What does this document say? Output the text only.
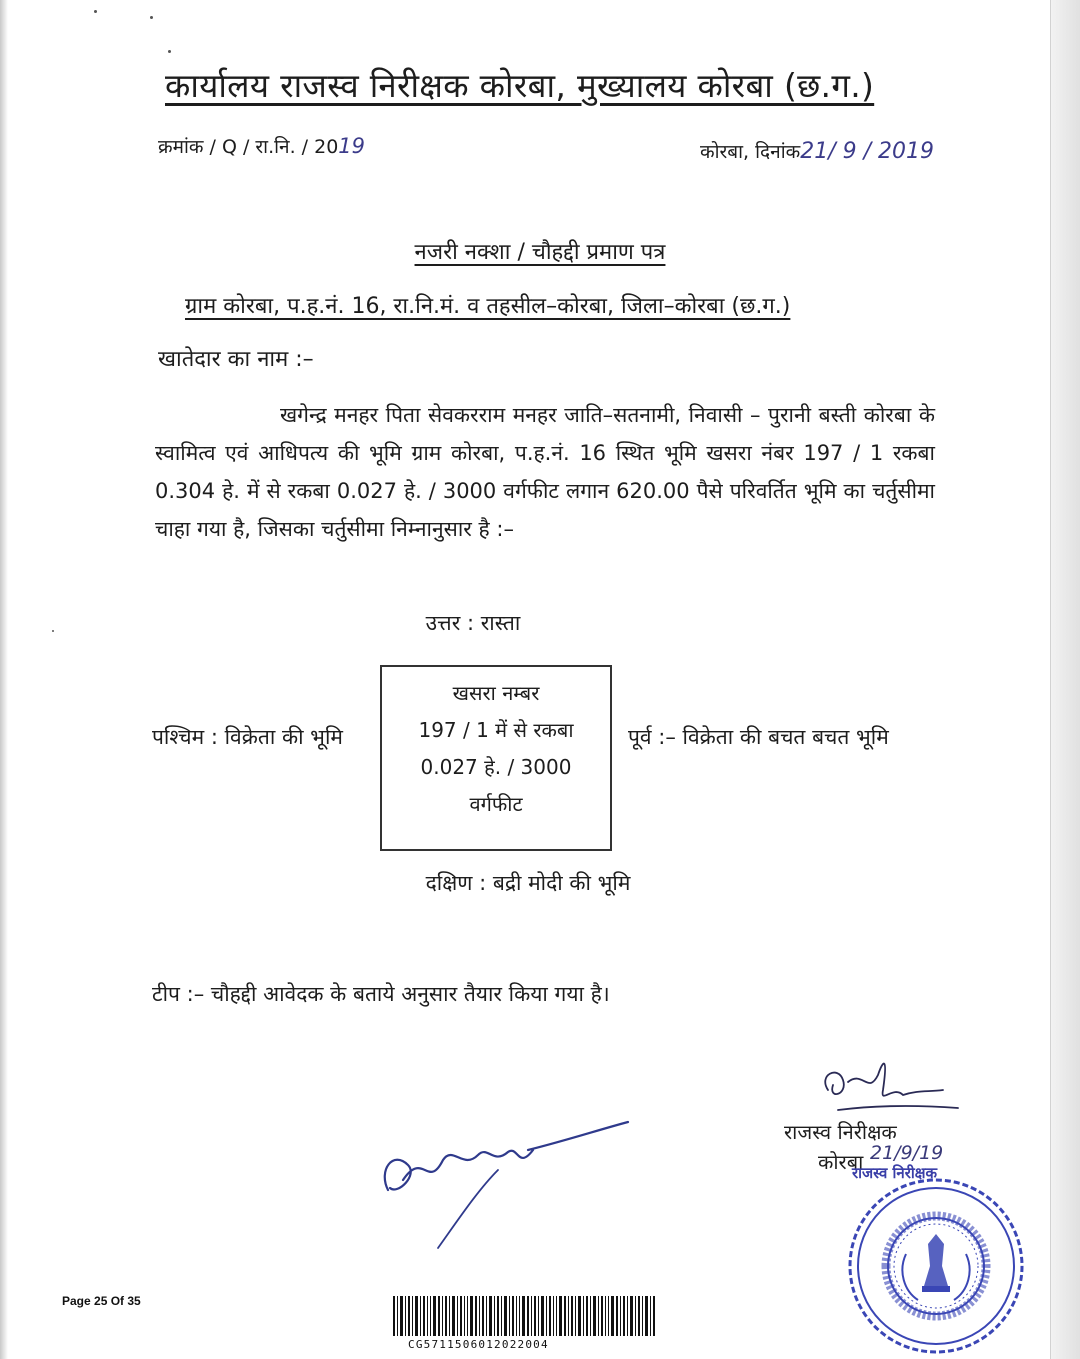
कार्यालय राजस्व निरीक्षक कोरबा, मुख्यालय कोरबा (छ.ग.)
क्रमांक / Q / रा.नि. / 2019	कोरबा, दिनांक21/ 9 / 2019
नजरी नक्शा / चौहद्दी प्रमाण पत्र
ग्राम कोरबा, प.ह.नं. 16, रा.नि.मं. व तहसील–कोरबा, जिला–कोरबा (छ.ग.)
खातेदार का नाम :–
खगेन्द्र मनहर पिता सेवकरराम मनहर जाति–सतनामी, निवासी – पुरानी बस्ती कोरबा के स्वामित्व एवं आधिपत्य की भूमि ग्राम कोरबा, प.ह.नं. 16 स्थित भूमि खसरा नंबर 197 / 1 रकबा 0.304 हे. में से रकबा 0.027 हे. / 3000 वर्गफीट लगान 620.00 पैसे परिवर्तित भूमि का चर्तुसीमा चाहा गया है, जिसका चर्तुसीमा निम्नानुसार है :–
उत्तर : रास्ता
पश्चिम : विक्रेता की भूमि
खसरा नम्बर
197 / 1 में से रकबा
0.027 हे. / 3000
वर्गफीट
पूर्व :– विक्रेता की बचत बचत भूमि
दक्षिण : बद्री मोदी की भूमि
टीप :– चौहद्दी आवेदक के बताये अनुसार तैयार किया गया है।
राजस्व निरीक्षक
कोरबा 21/9/19
राजस्व निरीक्षक
Page 25 Of 35
CG57115060120220​04
